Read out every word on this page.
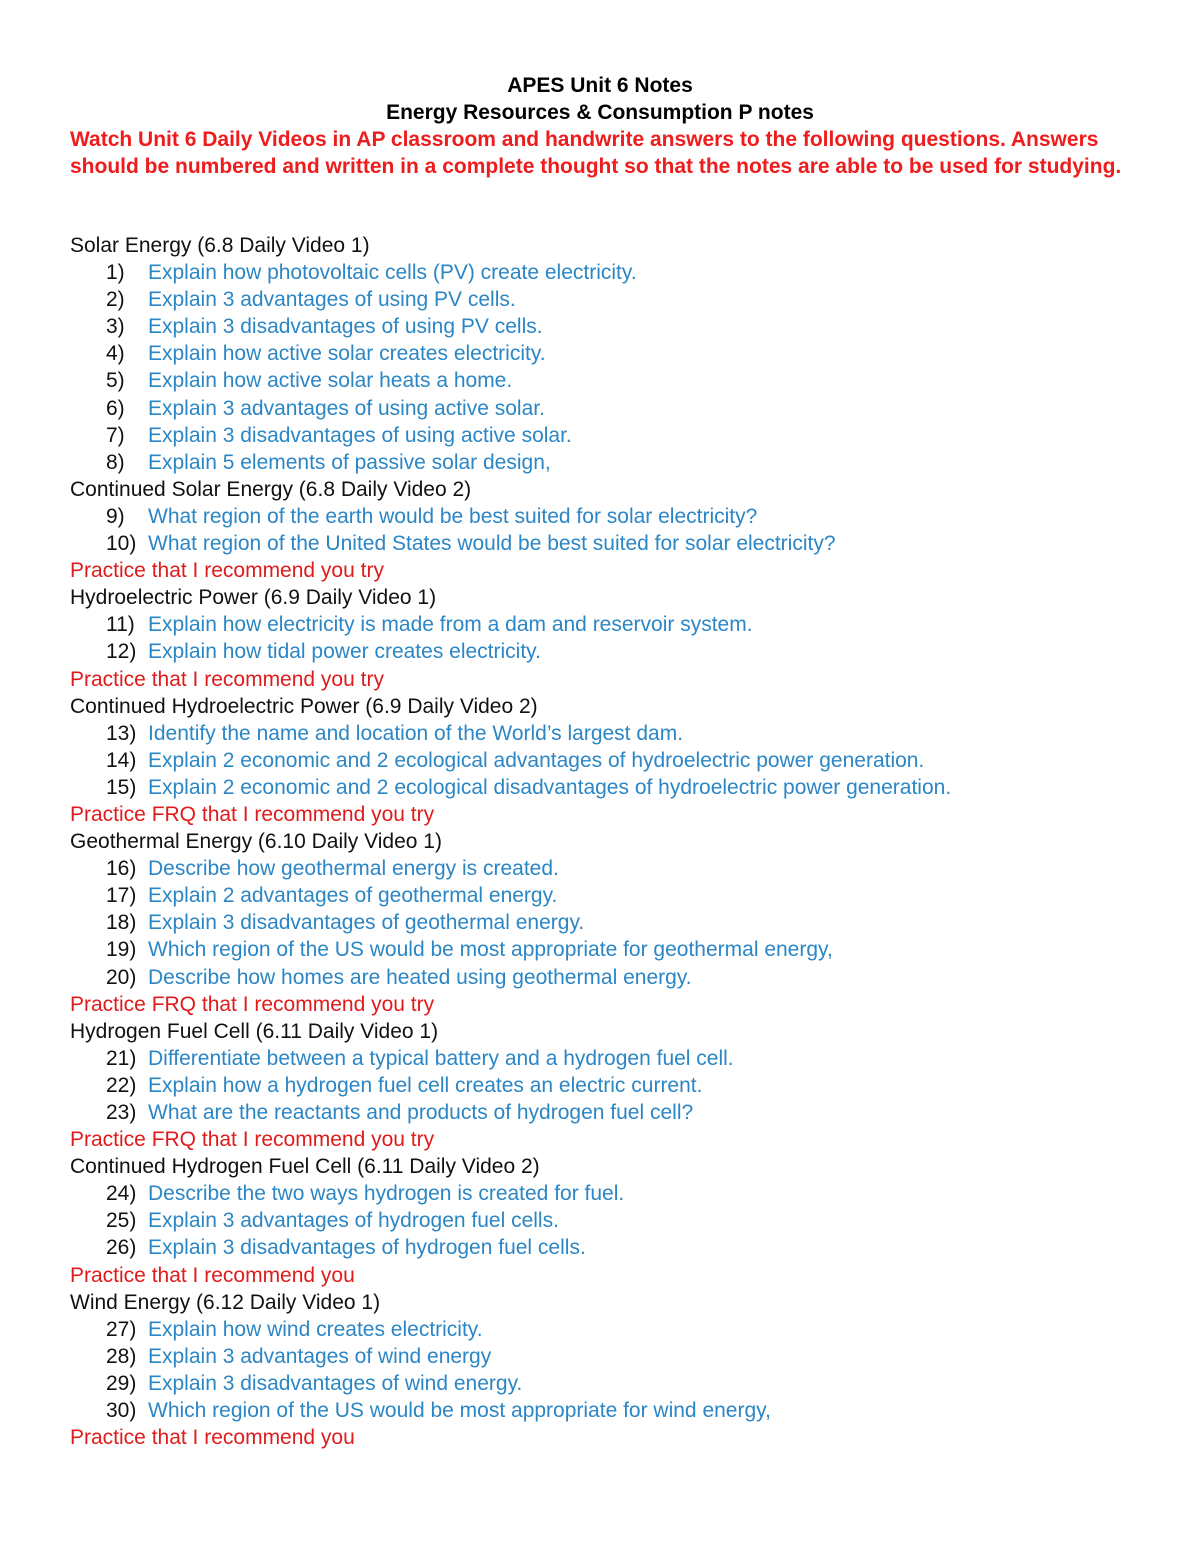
APES Unit 6 Notes
Energy Resources & Consumption P notes
Watch Unit 6 Daily Videos in AP classroom and handwrite answers to the following questions. Answers should be numbered and written in a complete thought so that the notes are able to be used for studying.
Solar Energy (6.8 Daily Video 1)
1) Explain how photovoltaic cells (PV) create electricity.
2) Explain 3 advantages of using PV cells.
3) Explain 3 disadvantages of using PV cells.
4) Explain how active solar creates electricity.
5) Explain how active solar heats a home.
6) Explain 3 advantages of using active solar.
7) Explain 3 disadvantages of using active solar.
8) Explain 5 elements of passive solar design,
Continued Solar Energy (6.8 Daily Video 2)
9) What region of the earth would be best suited for solar electricity?
10) What region of the United States would be best suited for solar electricity?
Practice that I recommend you try
Hydroelectric Power (6.9 Daily Video 1)
11) Explain how electricity is made from a dam and reservoir system.
12) Explain how tidal power creates electricity.
Practice that I recommend you try
Continued Hydroelectric Power (6.9 Daily Video 2)
13) Identify the name and location of the World’s largest dam.
14) Explain 2 economic and 2 ecological advantages of hydroelectric power generation.
15) Explain 2 economic and 2 ecological disadvantages of hydroelectric power generation.
Practice FRQ that I recommend you try
Geothermal Energy (6.10 Daily Video 1)
16) Describe how geothermal energy is created.
17) Explain 2 advantages of geothermal energy.
18) Explain 3 disadvantages of geothermal energy.
19) Which region of the US would be most appropriate for geothermal energy,
20) Describe how homes are heated using geothermal energy.
Practice FRQ that I recommend you try
Hydrogen Fuel Cell (6.11 Daily Video 1)
21) Differentiate between a typical battery and a hydrogen fuel cell.
22) Explain how a hydrogen fuel cell creates an electric current.
23) What are the reactants and products of hydrogen fuel cell?
Practice FRQ that I recommend you try
Continued Hydrogen Fuel Cell (6.11 Daily Video 2)
24) Describe the two ways hydrogen is created for fuel.
25) Explain 3 advantages of hydrogen fuel cells.
26) Explain 3 disadvantages of hydrogen fuel cells.
Practice that I recommend you
Wind Energy (6.12 Daily Video 1)
27) Explain how wind creates electricity.
28) Explain 3 advantages of wind energy
29) Explain 3 disadvantages of wind energy.
30) Which region of the US would be most appropriate for wind energy,
Practice that I recommend you
